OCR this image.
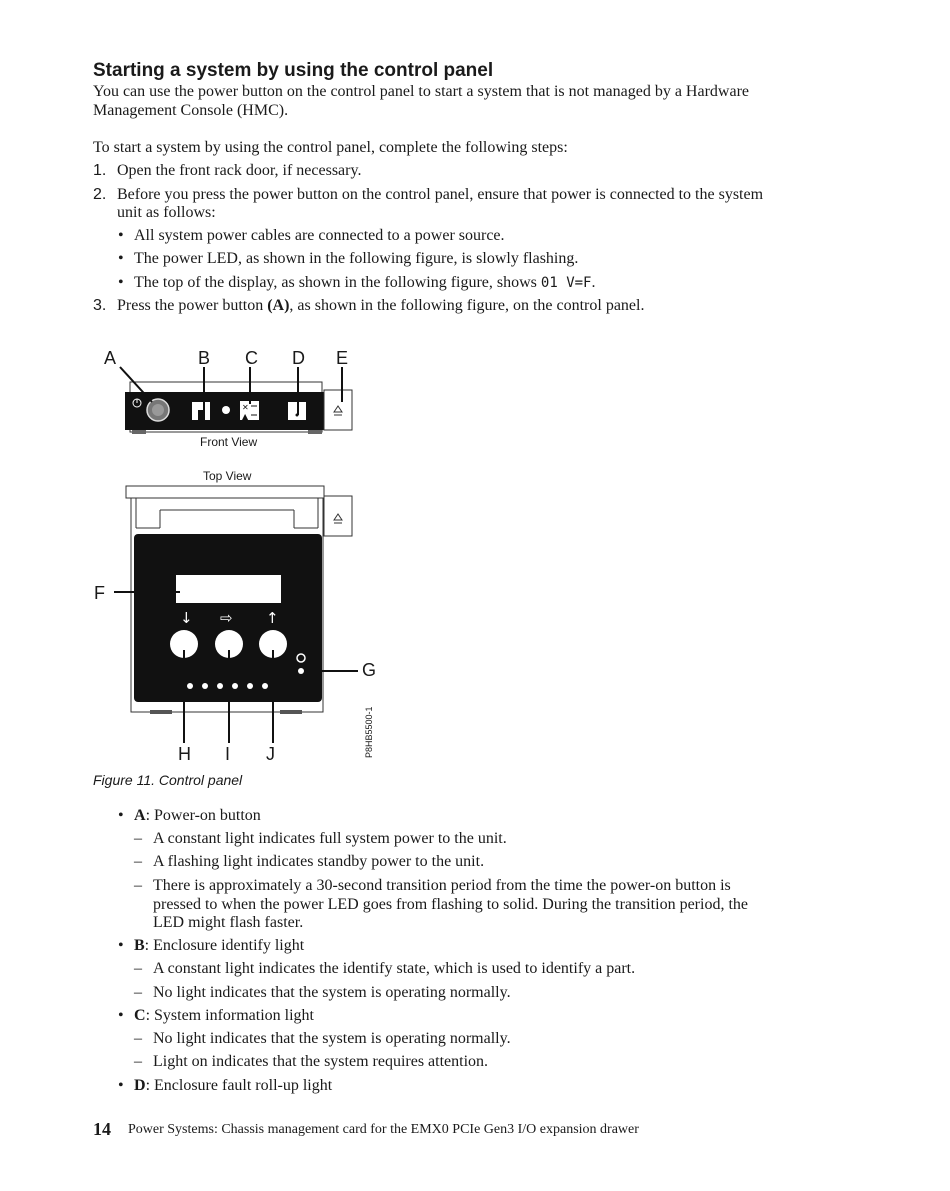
Starting a system by using the control panel
You can use the power button on the control panel to start a system that is not managed by a Hardware
Management Console (HMC).
To start a system by using the control panel, complete the following steps:
1. Open the front rack door, if necessary.
2. Before you press the power button on the control panel, ensure that power is connected to the system
unit as follows:
• All system power cables are connected to a power source.
• The power LED, as shown in the following figure, is slowly flashing.
• The top of the display, as shown in the following figure, shows 01 V=F.
3. Press the power button (A), as shown in the following figure, on the control panel.
A	B C D E
✕
▲
Front View
Top View
↓ ⇨ ↑
F
G
H I J	P8HB5500-1
Figure 11. Control panel
• A: Power-on button
– A constant light indicates full system power to the unit.
– A flashing light indicates standby power to the unit.
– There is approximately a 30-second transition period from the time the power-on button is
pressed to when the power LED goes from flashing to solid. During the transition period, the
LED might flash faster.
• B: Enclosure identify light
– A constant light indicates the identify state, which is used to identify a part.
– No light indicates that the system is operating normally.
• C: System information light
– No light indicates that the system is operating normally.
– Light on indicates that the system requires attention.
• D: Enclosure fault roll-up light
14 Power Systems: Chassis management card for the EMX0 PCIe Gen3 I/O expansion drawer
